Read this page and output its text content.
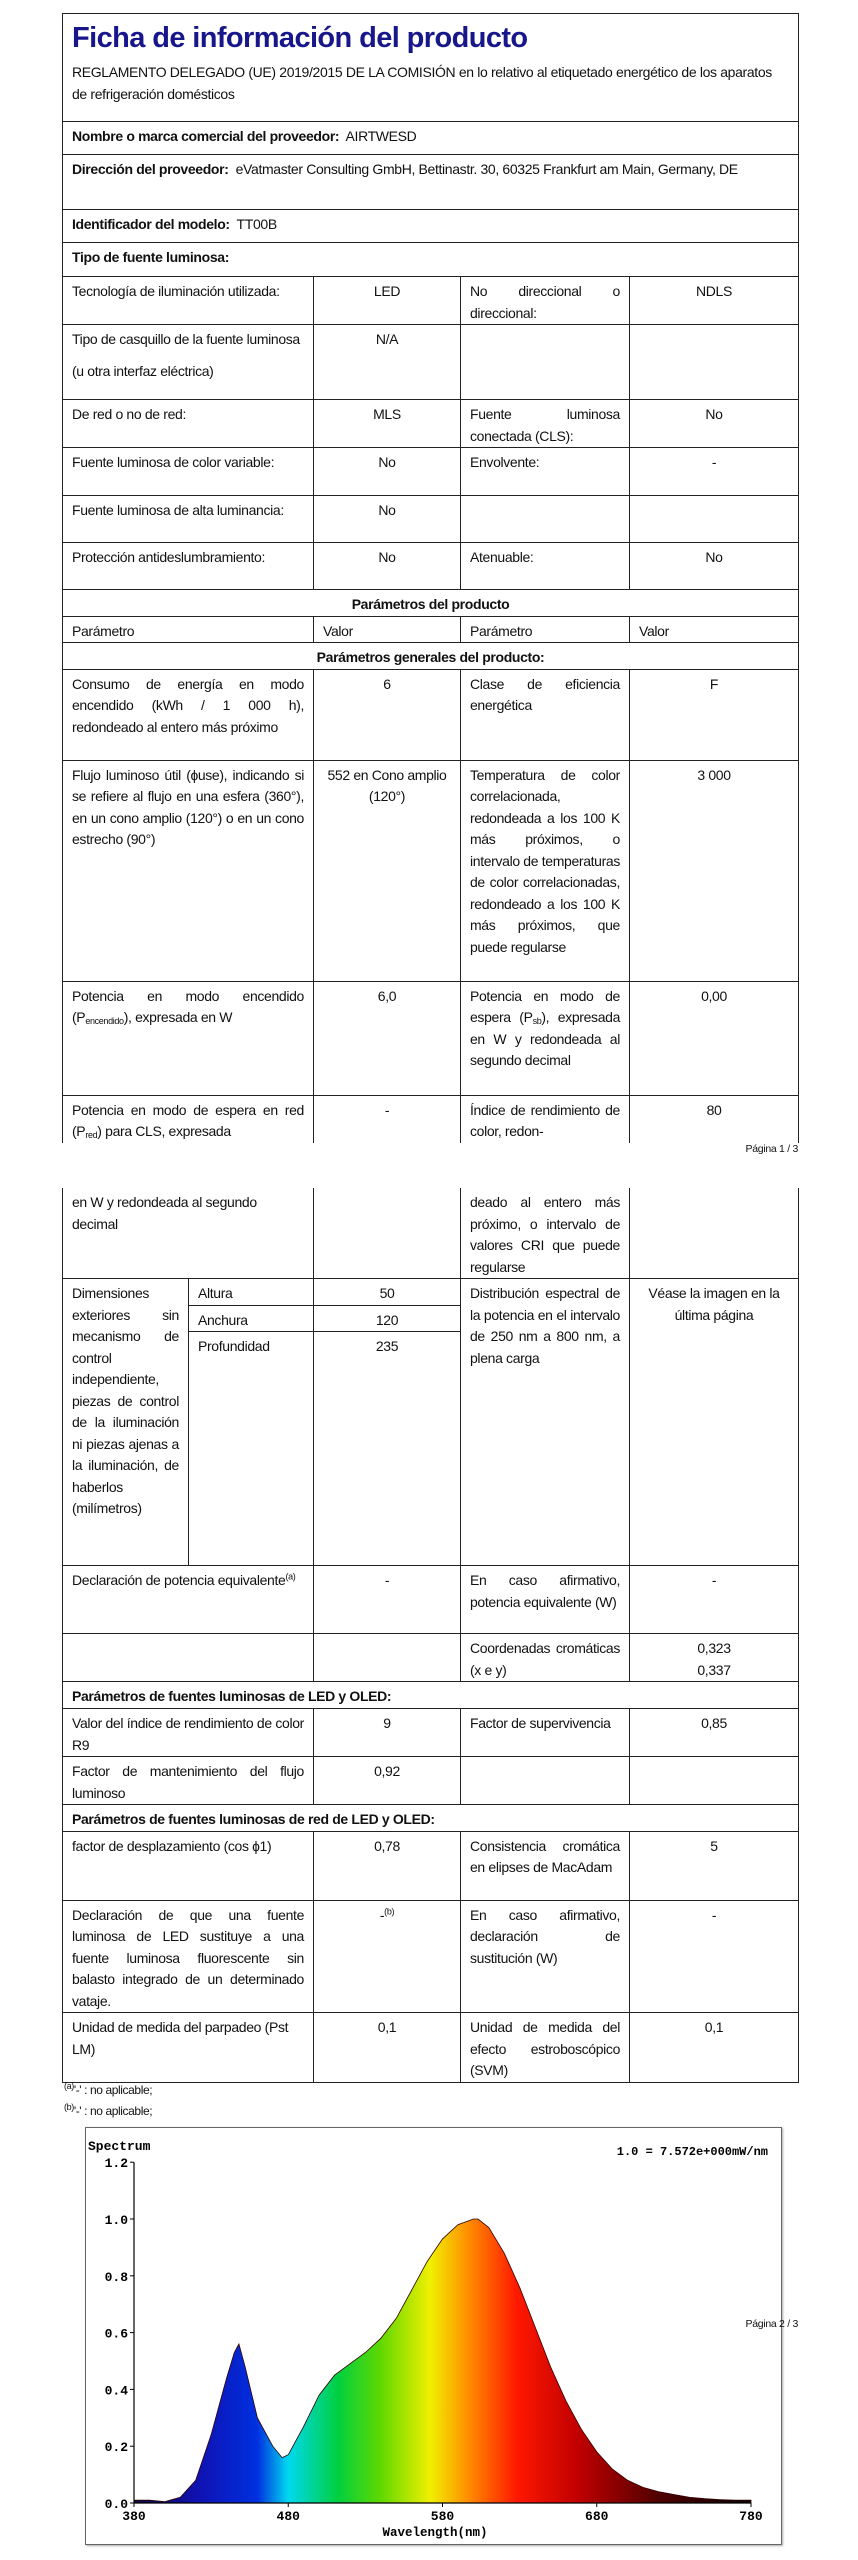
Ficha de información del producto
REGLAMENTO DELEGADO (UE) 2019/2015 DE LA COMISIÓN en lo relativo al etiquetado energético de los aparatos de refrigeración domésticos			

Nombre o marca comercial del proveedor: AIRTWESD			
Dirección del proveedor: eVatmaster Consulting GmbH, Bettinastr. 30, 60325 Frankfurt am Main, Germany, DE			
Identificador del modelo: TT00B			
Tipo de fuente luminosa:			
Tecnología de iluminación utilizada:	LED	No direccional o direccional:	NDLS
Tipo de casquillo de la fuente luminosa
(u otra interfaz eléctrica)	N/A		
De red o no de red:	MLS	Fuente luminosa conectada (CLS):	No
Fuente luminosa de color variable:	No	Envolvente:	-
Fuente luminosa de alta luminancia:	No		
Protección antideslumbramiento:	No	Atenuable:	No
Parámetros del producto			
Parámetro	Valor	Parámetro	Valor
Parámetros generales del producto:			
Consumo de energía en modo encendido (kWh / 1 000 h), redondeado al entero más próximo	6	Clase de eficiencia energética	F
Flujo luminoso útil (ɸuse), indicando si se refiere al flujo en una esfera (360°), en un cono amplio (120°) o en un cono estrecho (90°)	552 en Cono amplio (120°)	Temperatura de color correlacionada, redondeada a los 100 K más próximos, o intervalo de temperaturas de color correlacionadas, redondeado a los 100 K más próximos, que puede regularse	3 000
Potencia en modo encendido $(P_{encendido})$, expresada en W	6,0	Potencia en modo de espera $(P_{sb})$, expresada en W y redondeada al segundo decimal	0,00
Potencia en modo de espera en red $(P_{red})$ para CLS, expresada	-	Índice de rendimiento de color, redon-	80
Página 1 / 3
en W y redondeada al segundo decimal			deado al entero más próximo, o intervalo de valores CRI que puede regularse	
Dimensiones exteriores sin mecanismo de control independiente, piezas de control de la iluminación ni piezas ajenas a la iluminación, de haberlos (milímetros)	Altura	50	Distribución espectral de la potencia en el intervalo de 250 nm a 800 nm, a plena carga	Véase la imagen en la última página
	Anchura	120		
	Profundidad	235		
Declaración de potencia equivalente$^{(a)}$		-	En caso afirmativo, potencia equivalente (W)	-
			Coordenadas cromáticas (x e y)	0,323
0,337
Parámetros de fuentes luminosas de LED y OLED:				
Valor del índice de rendimiento de color R9		9	Factor de supervivencia	0,85
Factor de mantenimiento del flujo luminoso		0,92		
Parámetros de fuentes luminosas de red de LED y OLED:				
factor de desplazamiento (cos ɸ1)		0,78	Consistencia cromática en elipses de MacAdam	5
Declaración de que una fuente luminosa de LED sustituye a una fuente luminosa fluorescente sin balasto integrado de un determinado vataje.		-$^{(b)}$	En caso afirmativo, declaración de sustitución (W)	-
Unidad de medida del parpadeo (Pst LM)		0,1	Unidad de medida del efecto estroboscópico (SVM)	0,1
$^{(a)}$'-' : no aplicable;
$^{(b)}$'-' : no aplicable;
Spectrum	1.0 = 7.572e+000mW/nm
Wavelength(nm)
0.0
0.2
0.4
0.6
0.8
1.0
1.2
380	480	580	680	780
Página 2 / 3
